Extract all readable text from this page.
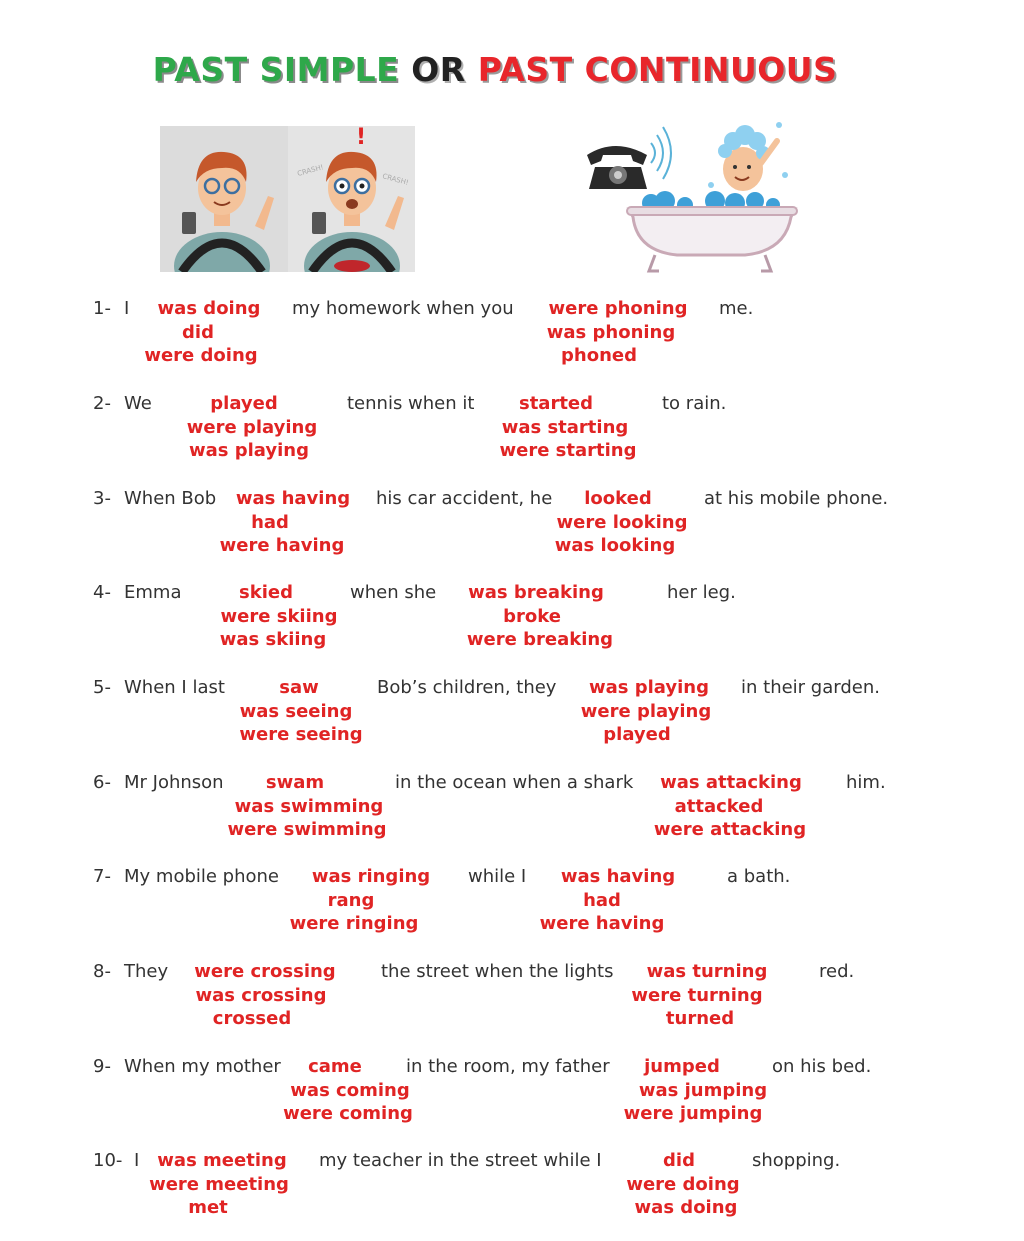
PAST SIMPLE OR PAST CONTINUOUS
!
CRASH!
CRASH!
1- I was doing
did
were doing
my homework when you were phoning
was phoning
phoned
me.
2- We	played
were playing
was playing
tennis when it started
was starting
were starting
to rain.
3- When Bob was having
had
were having
his car accident, he looked
were looking
was looking
at his mobile phone.
4- Emma	skied
were skiing
was skiing
when she was breaking
broke
were breaking
her leg.
5- When I last	saw
was seeing
were seeing
Bob’s children, they was playing
were playing
played
in their garden.
6- Mr Johnson swam
was swimming
were swimming
in the ocean when a shark was attacking
attacked
were attacking
him.
7- My mobile phone was ringing
rang
were ringing
while I was having
had
were having
a bath.
8- They were crossing
was crossing
crossed
the street when the lights was turning
were turning
turned
red.
9- When my mother came
was coming
were coming
in the room, my father jumped
was jumping
were jumping
on his bed.
10- I was meeting
were meeting
met
my teacher in the street while I	did
were doing
was doing
shopping.
